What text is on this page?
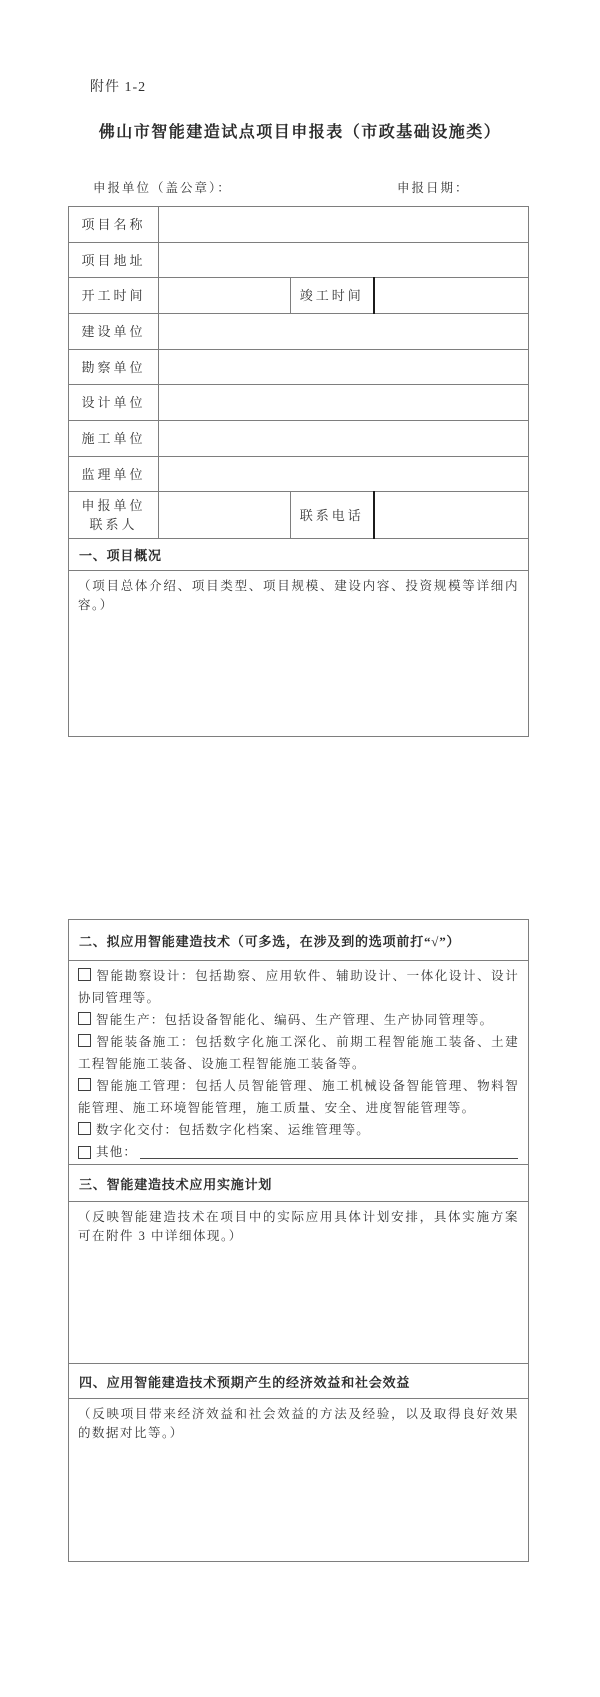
附件 1-2
佛山市智能建造试点项目申报表（市政基础设施类）
申报单位（盖公章）：	申报日期：
项目名称			
项目地址			
开工时间		竣工时间	
建设单位			
勘察单位			
设计单位			
施工单位			
监理单位			

申报单位
联系人		联系电话	
一、项目概况			

（项目总体介绍、项目类型、项目规模、建设内容、投资规模等详细内容。）			

二、拟应用智能建造技术（可多选，在涉及到的选项前打“√”）

智能勘察设计：包括勘察、应用软件、辅助设计、一体化设计、设计协同管理等。

智能生产：包括设备智能化、编码、生产管理、生产协同管理等。

智能装备施工：包括数字化施工深化、前期工程智能施工装备、土建工程智能施工装备、设施工程智能施工装备等。

智能施工管理：包括人员智能管理、施工机械设备智能管理、物料智能管理、施工环境智能管理，施工质量、安全、进度智能管理等。

数字化交付：包括数字化档案、运维管理等。

其他：

三、智能建造技术应用实施计划

（反映智能建造技术在项目中的实际应用具体计划安排，具体实施方案可在附件 3 中详细体现。）

四、应用智能建造技术预期产生的经济效益和社会效益

（反映项目带来经济效益和社会效益的方法及经验，以及取得良好效果的数据对比等。）
